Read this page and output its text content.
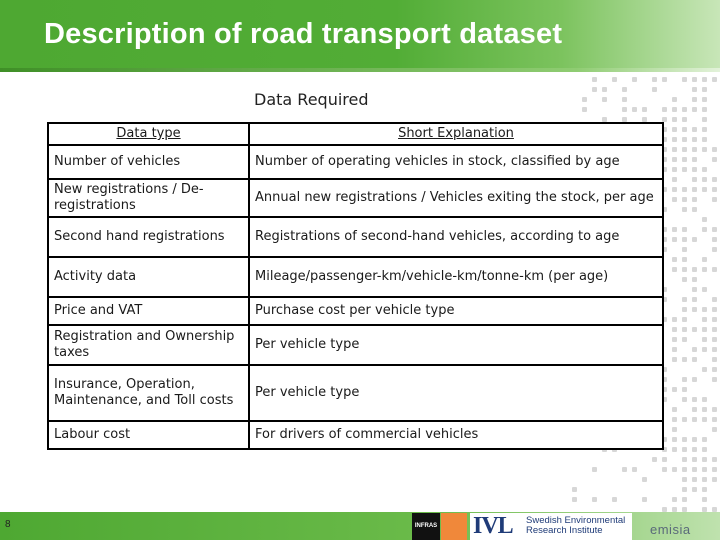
Description of road transport dataset
Data Required
Data type	Short Explanation
Number of vehicles	Number of operating vehicles in stock, classified by age
New registrations / De-registrations	Annual new registrations / Vehicles exiting the stock, per age
Second hand registrations	Registrations of second-hand vehicles, according to age
Activity data	Mileage/passenger-km/vehicle-km/tonne-km (per age)
Price and VAT	Purchase cost per vehicle type
Registration and Ownership taxes	Per vehicle type
Insurance, Operation, Maintenance, and Toll costs	Per vehicle type
Labour cost	For drivers of commercial vehicles
8	INFRAS IVL Swedish Environmental
Research Institute	emisia
